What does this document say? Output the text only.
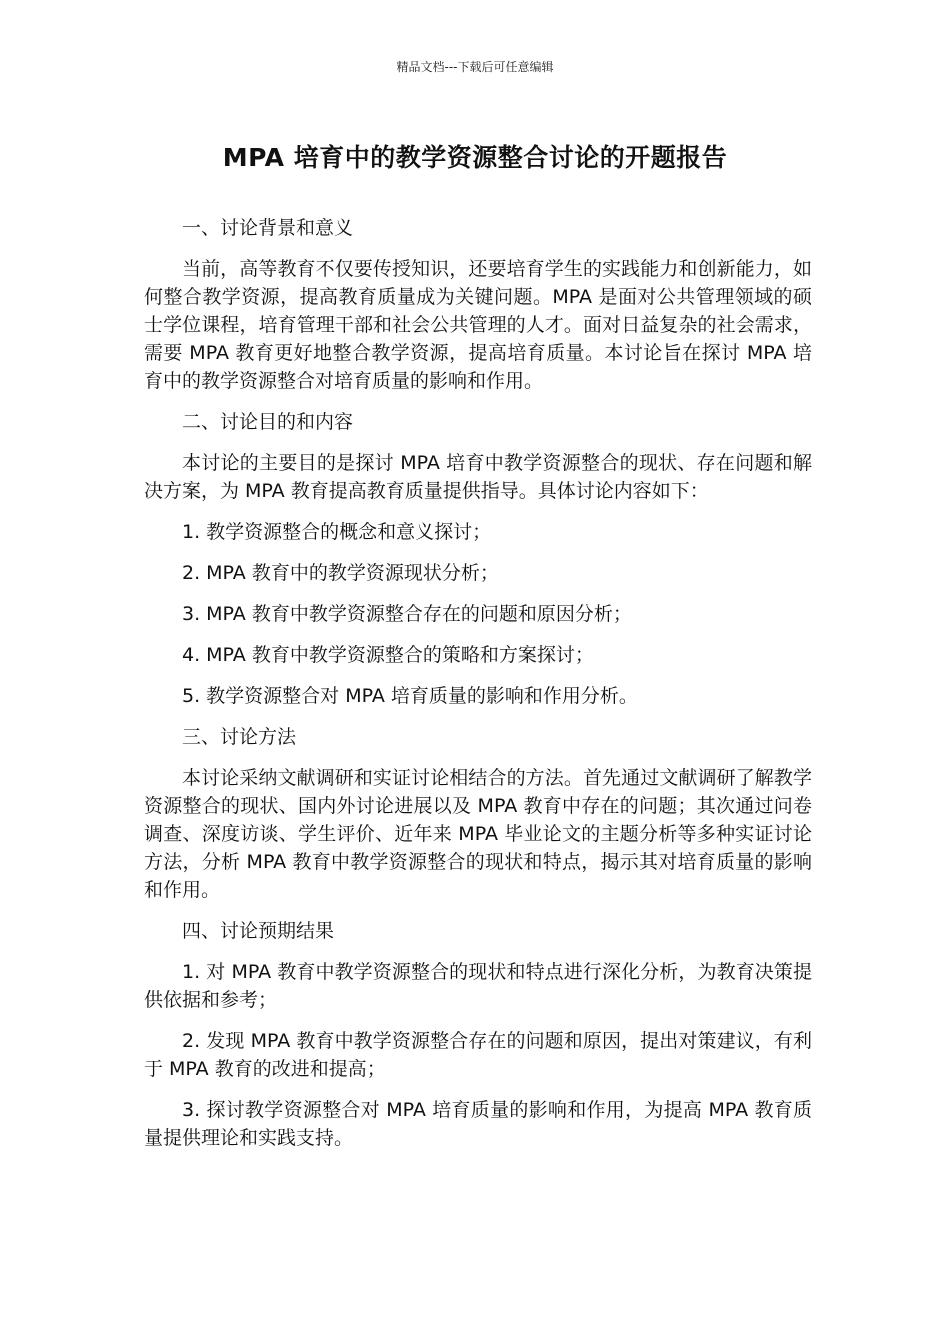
精品文档---下载后可任意编辑
MPA 培育中的教学资源整合讨论的开题报告

一、讨论背景和意义

当前，高等教育不仅要传授知识，还要培育学生的实践能力和创新能力，如何整合教学资源，提高教育质量成为关键问题。MPA 是面对公共管理领域的硕士学位课程，培育管理干部和社会公共管理的人才。面对日益复杂的社会需求，需要 MPA 教育更好地整合教学资源，提高培育质量。本讨论旨在探讨 MPA 培育中的教学资源整合对培育质量的影响和作用。

二、讨论目的和内容

本讨论的主要目的是探讨 MPA 培育中教学资源整合的现状、存在问题和解决方案，为 MPA 教育提高教育质量提供指导。具体讨论内容如下：

1. 教学资源整合的概念和意义探讨；

2. MPA 教育中的教学资源现状分析；

3. MPA 教育中教学资源整合存在的问题和原因分析；

4. MPA 教育中教学资源整合的策略和方案探讨；

5. 教学资源整合对 MPA 培育质量的影响和作用分析。

三、讨论方法

本讨论采纳文献调研和实证讨论相结合的方法。首先通过文献调研了解教学资源整合的现状、国内外讨论进展以及 MPA 教育中存在的问题；其次通过问卷调查、深度访谈、学生评价、近年来 MPA 毕业论文的主题分析等多种实证讨论方法，分析 MPA 教育中教学资源整合的现状和特点，揭示其对培育质量的影响和作用。

四、讨论预期结果

1. 对 MPA 教育中教学资源整合的现状和特点进行深化分析，为教育决策提供依据和参考；

2. 发现 MPA 教育中教学资源整合存在的问题和原因，提出对策建议，有利于 MPA 教育的改进和提高；

3. 探讨教学资源整合对 MPA 培育质量的影响和作用，为提高 MPA 教育质量提供理论和实践支持。
